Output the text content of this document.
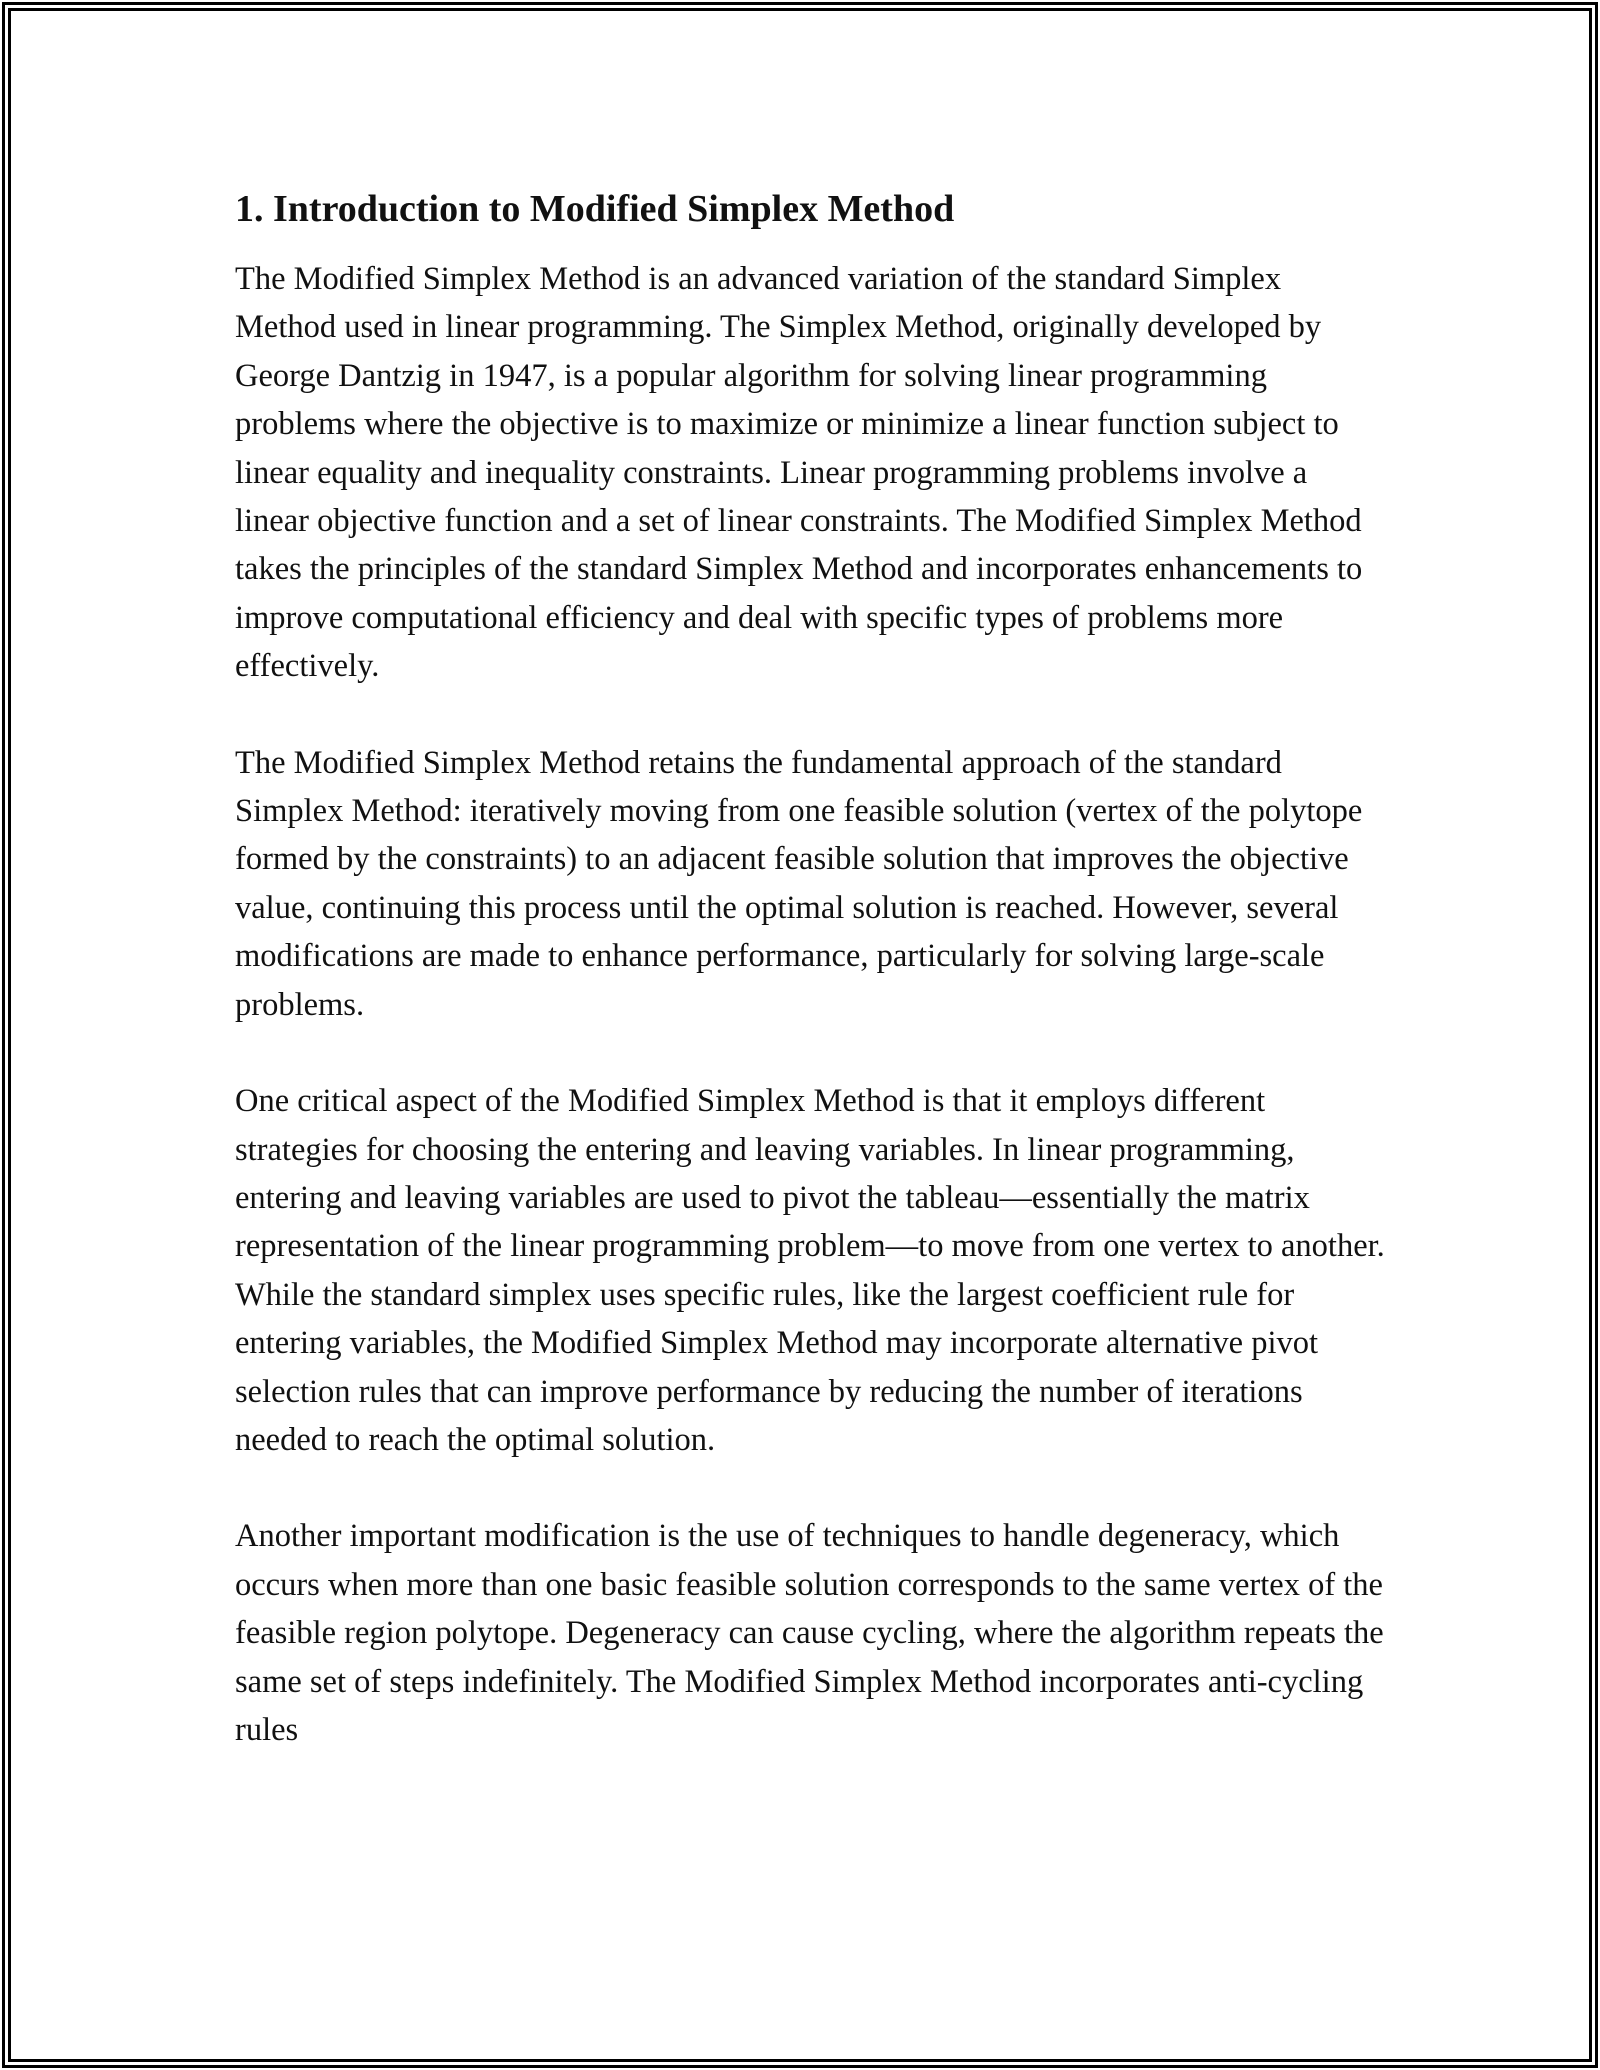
1. Introduction to Modified Simplex Method

The Modified Simplex Method is an advanced variation of the standard Simplex Method used in linear programming. The Simplex Method, originally developed by George Dantzig in 1947, is a popular algorithm for solving linear programming problems where the objective is to maximize or minimize a linear function subject to linear equality and inequality constraints. Linear programming problems involve a linear objective function and a set of linear constraints. The Modified Simplex Method takes the principles of the standard Simplex Method and incorporates enhancements to improve computational efficiency and deal with specific types of problems more effectively.

The Modified Simplex Method retains the fundamental approach of the standard Simplex Method: iteratively moving from one feasible solution (vertex of the polytope formed by the constraints) to an adjacent feasible solution that improves the objective value, continuing this process until the optimal solution is reached. However, several modifications are made to enhance performance, particularly for solving large-scale problems.

One critical aspect of the Modified Simplex Method is that it employs different strategies for choosing the entering and leaving variables. In linear programming, entering and leaving variables are used to pivot the tableau—essentially the matrix representation of the linear programming problem—to move from one vertex to another. While the standard simplex uses specific rules, like the largest coefficient rule for entering variables, the Modified Simplex Method may incorporate alternative pivot selection rules that can improve performance by reducing the number of iterations needed to reach the optimal solution.

Another important modification is the use of techniques to handle degeneracy, which occurs when more than one basic feasible solution corresponds to the same vertex of the feasible region polytope. Degeneracy can cause cycling, where the algorithm repeats the same set of steps indefinitely. The Modified Simplex Method incorporates anti-cycling rules
